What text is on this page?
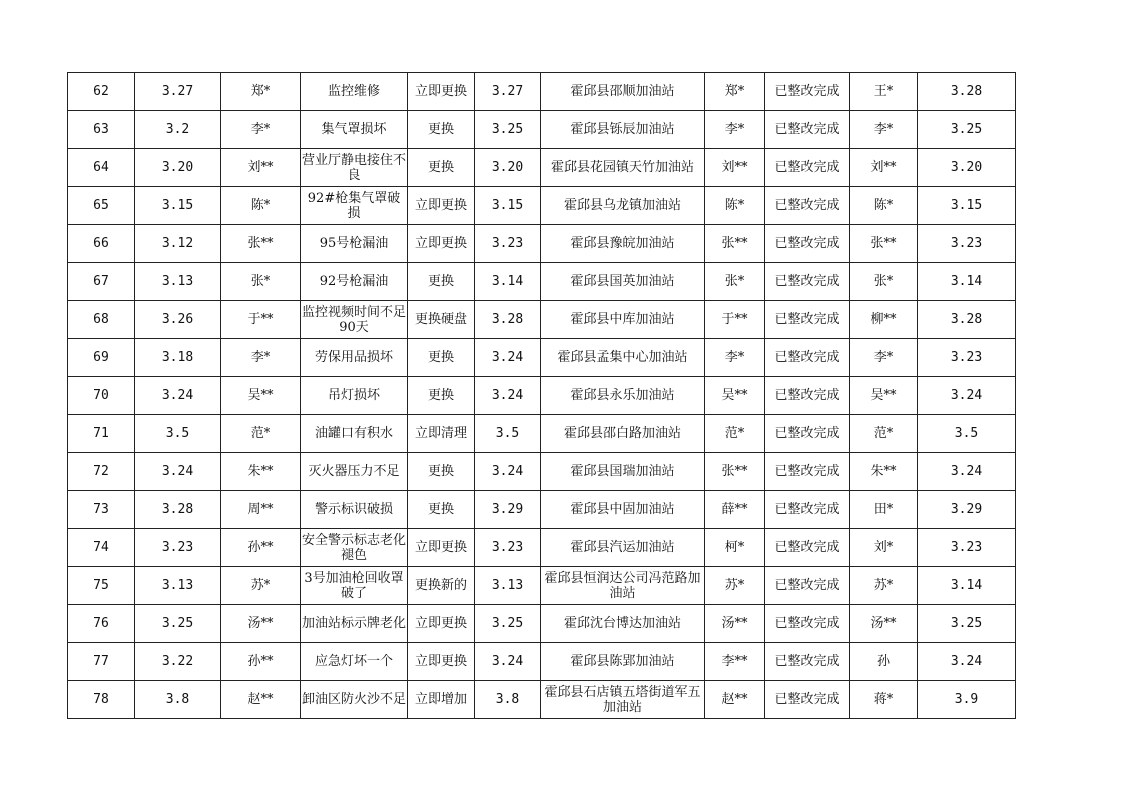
62	3.27	郑*	监控维修	立即更换	3.27	霍邱县邵顺加油站	郑*	已整改完成	王*	3.28
63	3.2	李*	集气罩损坏	更换	3.25	霍邱县铄辰加油站	李*	已整改完成	李*	3.25
64	3.20	刘**	营业厅静电接住不良	更换	3.20	霍邱县花园镇天竹加油站	刘**	已整改完成	刘**	3.20
65	3.15	陈*	92#枪集气罩破损	立即更换	3.15	霍邱县乌龙镇加油站	陈*	已整改完成	陈*	3.15
66	3.12	张**	95号枪漏油	立即更换	3.23	霍邱县豫皖加油站	张**	已整改完成	张**	3.23
67	3.13	张*	92号枪漏油	更换	3.14	霍邱县国英加油站	张*	已整改完成	张*	3.14
68	3.26	于**	监控视频时间不足90天	更换硬盘	3.28	霍邱县中库加油站	于**	已整改完成	柳**	3.28
69	3.18	李*	劳保用品损坏	更换	3.24	霍邱县孟集中心加油站	李*	已整改完成	李*	3.23
70	3.24	吴**	吊灯损坏	更换	3.24	霍邱县永乐加油站	吴**	已整改完成	吴**	3.24
71	3.5	范*	油罐口有积水	立即清理	3.5	霍邱县邵白路加油站	范*	已整改完成	范*	3.5
72	3.24	朱**	灭火器压力不足	更换	3.24	霍邱县国瑞加油站	张**	已整改完成	朱**	3.24
73	3.28	周**	警示标识破损	更换	3.29	霍邱县中固加油站	薛**	已整改完成	田*	3.29
74	3.23	孙**	安全警示标志老化褪色	立即更换	3.23	霍邱县汽运加油站	柯*	已整改完成	刘*	3.23
75	3.13	苏*	3号加油枪回收罩破了	更换新的	3.13	霍邱县恒润达公司冯范路加油站	苏*	已整改完成	苏*	3.14
76	3.25	汤**	加油站标示牌老化	立即更换	3.25	霍邱沈台博达加油站	汤**	已整改完成	汤**	3.25
77	3.22	孙**	应急灯坏一个	立即更换	3.24	霍邱县陈郢加油站	李**	已整改完成	孙	3.24
78	3.8	赵**	卸油区防火沙不足	立即增加	3.8	霍邱县石店镇五塔街道军五加油站	赵**	已整改完成	蒋*	3.9
